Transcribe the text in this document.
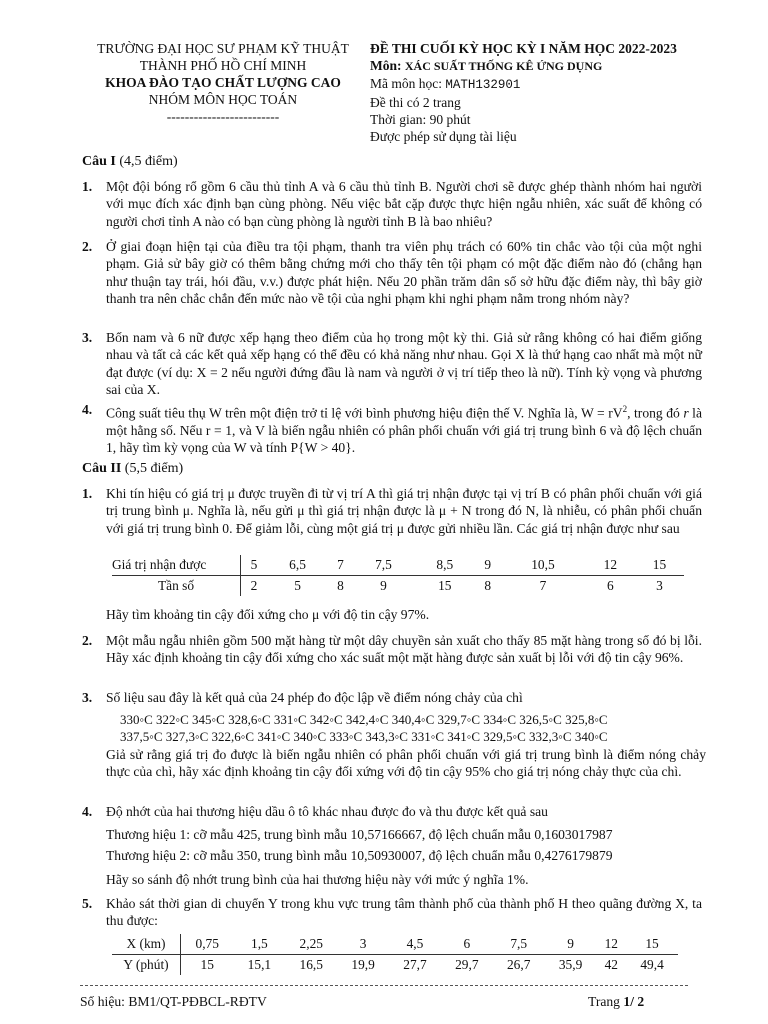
TRƯỜNG ĐẠI HỌC SƯ PHẠM KỸ THUẬT
THÀNH PHỐ HỒ CHÍ MINH
KHOA ĐÀO TẠO CHẤT LƯỢNG CAO
NHÓM MÔN HỌC TOÁN
-------------------------
ĐỀ THI CUỐI KỲ HỌC KỲ I NĂM HỌC 2022-2023
Môn: XÁC SUẤT THỐNG KÊ ỨNG DỤNG
Mã môn học: MATH132901
Đề thi có 2 trang
Thời gian: 90 phút
Được phép sử dụng tài liệu
Câu I (4,5 điểm)
1. Một đội bóng rổ gồm 6 cầu thủ tỉnh A và 6 cầu thủ tỉnh B. Người chơi sẽ được ghép thành nhóm hai người với mục đích xác định bạn cùng phòng. Nếu việc bắt cặp được thực hiện ngẫu nhiên, xác suất để không có người chơi tỉnh A nào có bạn cùng phòng là người tỉnh B là bao nhiêu?
2. Ở giai đoạn hiện tại của điều tra tội phạm, thanh tra viên phụ trách có 60% tin chắc vào tội của một nghi phạm. Giả sử bây giờ có thêm bằng chứng mới cho thấy tên tội phạm có một đặc điểm nào đó (chẳng hạn như thuận tay trái, hói đầu, v.v.) được phát hiện. Nếu 20 phần trăm dân số sở hữu đặc điểm này, thì bây giờ thanh tra nên chắc chắn đến mức nào về tội của nghi phạm khi nghi phạm nằm trong nhóm này?
3. Bốn nam và 6 nữ được xếp hạng theo điểm của họ trong một kỳ thi. Giả sử rằng không có hai điểm giống nhau và tất cả các kết quả xếp hạng có thể đều có khả năng như nhau. Gọi X là thứ hạng cao nhất mà một nữ đạt được (ví dụ: X = 2 nếu người đứng đầu là nam và người ở vị trí tiếp theo là nữ). Tính kỳ vọng và phương sai của X.
4. Công suất tiêu thụ W trên một điện trở tỉ lệ với bình phương hiệu điện thế V. Nghĩa là, $W = rV^2$, trong đó r là một hằng số. Nếu r = 1, và V là biến ngẫu nhiên có phân phối chuẩn với giá trị trung bình 6 và độ lệch chuẩn 1, hãy tìm kỳ vọng của W và tính P{W > 40}.
Câu II (5,5 điểm)
1. Khi tín hiệu có giá trị μ được truyền đi từ vị trí A thì giá trị nhận được tại vị trí B có phân phối chuẩn với giá trị trung bình μ. Nghĩa là, nếu gửi μ thì giá trị nhận được là μ + N trong đó N, là nhiễu, có phân phối chuẩn với giá trị trung bình 0. Để giảm lỗi, cùng một giá trị μ được gửi nhiều lần. Các giá trị nhận được như sau
Giá trị nhận được	5	6,5	7	7,5	8,5	9	10,5	12	15
Tần số	2	5	8	9	15	8	7	6	3
Hãy tìm khoảng tin cậy đối xứng cho μ với độ tin cậy 97%.
2. Một mẫu ngẫu nhiên gồm 500 mặt hàng từ một dây chuyền sản xuất cho thấy 85 mặt hàng trong số đó bị lỗi. Hãy xác định khoảng tin cậy đối xứng cho xác suất một mặt hàng được sản xuất bị lỗi với độ tin cậy 96%.
3. Số liệu sau đây là kết quả của 24 phép đo độc lập về điểm nóng chảy của chì
330◦C 322◦C 345◦C 328,6◦C 331◦C 342◦C 342,4◦C 340,4◦C 329,7◦C 334◦C 326,5◦C 325,8◦C
337,5◦C 327,3◦C 322,6◦C 341◦C 340◦C 333◦C 343,3◦C 331◦C 341◦C 329,5◦C 332,3◦C 340◦C
Giả sử rằng giá trị đo được là biến ngẫu nhiên có phân phối chuẩn với giá trị trung bình là điểm nóng chảy thực của chì, hãy xác định khoảng tin cậy đối xứng với độ tin cậy 95% cho giá trị nóng chảy thực của chì.
4. Độ nhớt của hai thương hiệu dầu ô tô khác nhau được đo và thu được kết quả sau
Thương hiệu 1: cỡ mẫu 425, trung bình mẫu 10,57166667, độ lệch chuẩn mẫu 0,1603017987
Thương hiệu 2: cỡ mẫu 350, trung bình mẫu 10,50930007, độ lệch chuẩn mẫu 0,4276179879
Hãy so sánh độ nhớt trung bình của hai thương hiệu này với mức ý nghĩa 1%.
5. Khảo sát thời gian di chuyển Y trong khu vực trung tâm thành phố của thành phố H theo quãng đường X, ta thu được:
X (km)	0,75	1,5	2,25	3	4,5	6	7,5	9	12	15
Y (phút)	15	15,1	16,5	19,9	27,7	29,7	26,7	35,9	42	49,4
Số hiệu: BM1/QT-PĐBCL-RĐTV	Trang 1/ 2
